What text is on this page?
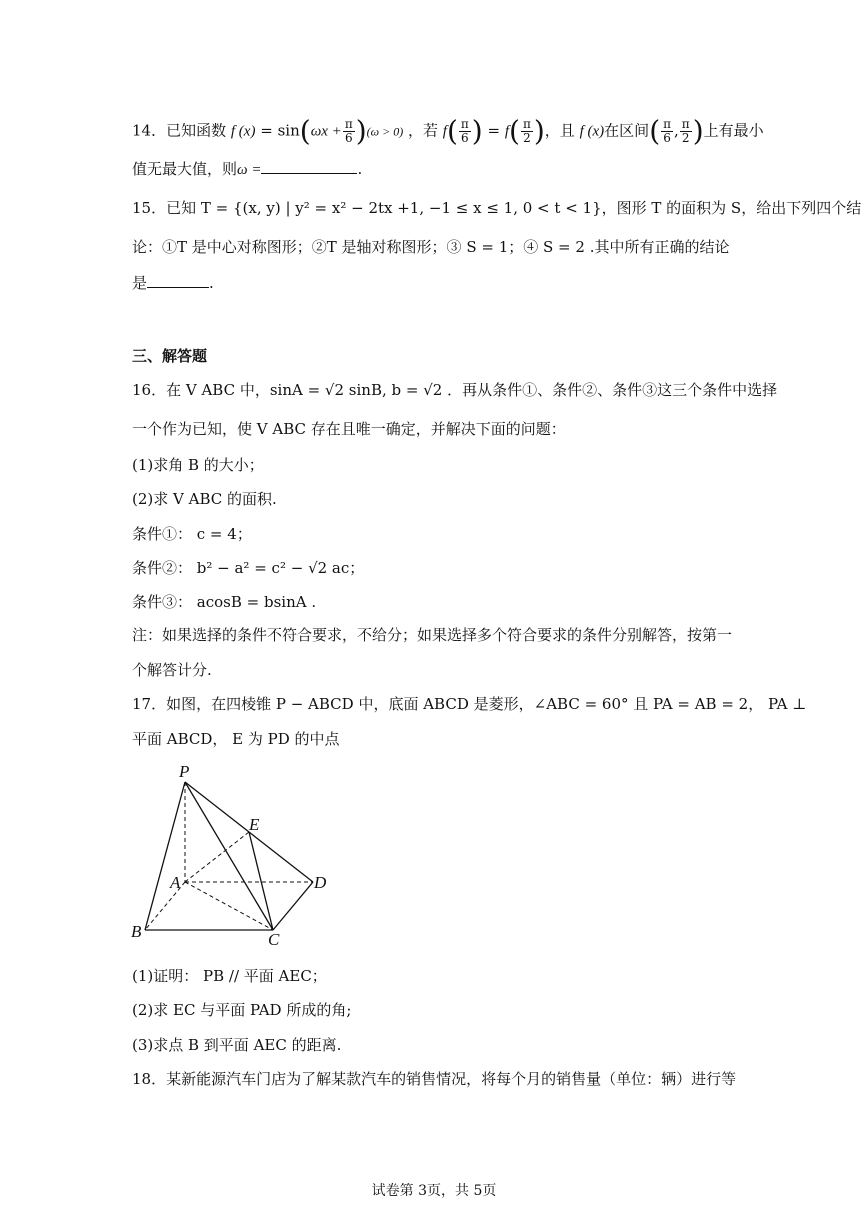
14．已知函数 f $(x) = \sin(\omega x + \frac{\pi}{6} )(\omega > 0)$ ，若 $f( \frac{\pi}{6}$ ) = $f( \frac{\pi}{2}$ )，且 f (x)在区间( $\frac{\pi}{6}$ , $\frac{\pi}{2}$ )上有最小
值无最大值，则ω =	.
15．已知 T = {(x, y) | y² = x² − 2tx +1, −1 ≤ x ≤ 1, 0 < t < 1}，图形 T 的面积为 S，给出下列四个结
论：①T 是中心对称图形；②T 是轴对称图形；③ S = 1；④ S = 2 .其中所有正确的结论
是	.
三、解答题
16．在 V ABC 中，sinA = √2 sinB, b = √2 ．再从条件①、条件②、条件③这三个条件中选择
一个作为已知，使 V ABC 存在且唯一确定，并解决下面的问题：
(1)求角 B 的大小；
(2)求 V ABC 的面积.
条件①： c = 4；
条件②： b² − a² = c² − √2 ac；
条件③： acosB = bsinA .
注：如果选择的条件不符合要求，不给分；如果选择多个符合要求的条件分别解答，按第一
个解答计分.
17．如图，在四棱锥 P − ABCD 中，底面 ABCD 是菱形，∠ABC = 60° 且 PA = AB = 2， PA ⊥
平面 ABCD， E 为 PD 的中点
P
E
A	D
B	C
(1)证明： PB // 平面 AEC；
(2)求 EC 与平面 PAD 所成的角;
(3)求点 B 到平面 AEC 的距离.
18．某新能源汽车门店为了解某款汽车的销售情况，将每个月的销售量（单位：辆）进行等
试卷第 3页，共 5页
